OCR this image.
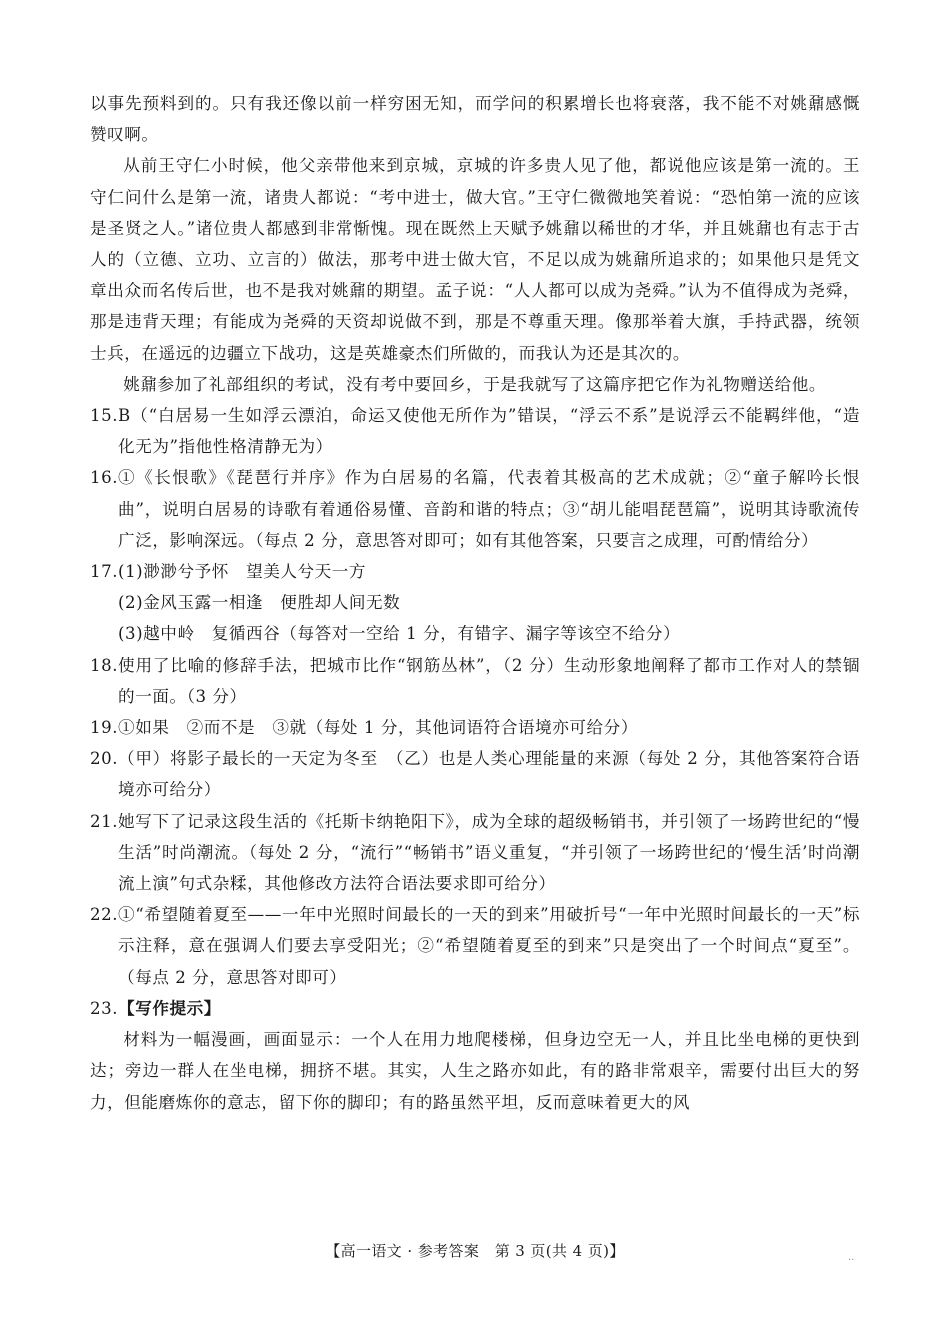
以事先预料到的。只有我还像以前一样穷困无知，而学问的积累增长也将衰落，我不能不对姚鼐感慨赞叹啊。

从前王守仁小时候，他父亲带他来到京城，京城的许多贵人见了他，都说他应该是第一流的。王守仁问什么是第一流，诸贵人都说：“考中进士，做大官。”王守仁微微地笑着说：“恐怕第一流的应该是圣贤之人。”诸位贵人都感到非常惭愧。现在既然上天赋予姚鼐以稀世的才华，并且姚鼐也有志于古人的（立德、立功、立言的）做法，那考中进士做大官，不足以成为姚鼐所追求的；如果他只是凭文章出众而名传后世，也不是我对姚鼐的期望。孟子说：“人人都可以成为尧舜。”认为不值得成为尧舜，那是违背天理；有能成为尧舜的天资却说做不到，那是不尊重天理。像那举着大旗，手持武器，统领士兵，在遥远的边疆立下战功，这是英雄豪杰们所做的，而我认为还是其次的。

姚鼐参加了礼部组织的考试，没有考中要回乡，于是我就写了这篇序把它作为礼物赠送给他。

15. B（“白居易一生如浮云漂泊，命运又使他无所作为”错误，“浮云不系”是说浮云不能羁绊他，“造化无为”指他性格清静无为）
16. ①《长恨歌》《琵琶行并序》作为白居易的名篇，代表着其极高的艺术成就；②“童子解吟长恨曲”，说明白居易的诗歌有着通俗易懂、音韵和谐的特点；③“胡儿能唱琵琶篇”，说明其诗歌流传广泛，影响深远。（每点 2 分，意思答对即可；如有其他答案，只要言之成理，可酌情给分）
17. (1)渺渺兮予怀　望美人兮天一方

(2)金风玉露一相逢　便胜却人间无数

(3)越中岭　复循西谷（每答对一空给 1 分，有错字、漏字等该空不给分）

18. 使用了比喻的修辞手法，把城市比作“钢筋丛林”，（2 分）生动形象地阐释了都市工作对人的禁锢的一面。（3 分）
19. ①如果　②而不是　③就（每处 1 分，其他词语符合语境亦可给分）
20. （甲）将影子最长的一天定为冬至　（乙）也是人类心理能量的来源（每处 2 分，其他答案符合语境亦可给分）
21. 她写下了记录这段生活的《托斯卡纳艳阳下》，成为全球的超级畅销书，并引领了一场跨世纪的“慢生活”时尚潮流。（每处 2 分，“流行”“畅销书”语义重复，“并引领了一场跨世纪的‘慢生活’时尚潮流上演”句式杂糅，其他修改方法符合语法要求即可给分）
22. ①“希望随着夏至——一年中光照时间最长的一天的到来”用破折号“一年中光照时间最长的一天”标示注释，意在强调人们要去享受阳光；②“希望随着夏至的到来”只是突出了一个时间点“夏至”。（每点 2 分，意思答对即可）
23. 【写作提示】

材料为一幅漫画，画面显示：一个人在用力地爬楼梯，但身边空无一人，并且比坐电梯的更快到达；旁边一群人在坐电梯，拥挤不堪。其实，人生之路亦如此，有的路非常艰辛，需要付出巨大的努力，但能磨炼你的意志，留下你的脚印；有的路虽然平坦，反而意味着更大的风

【高一语文 · 参考答案　第 3 页(共 4 页)】	..
